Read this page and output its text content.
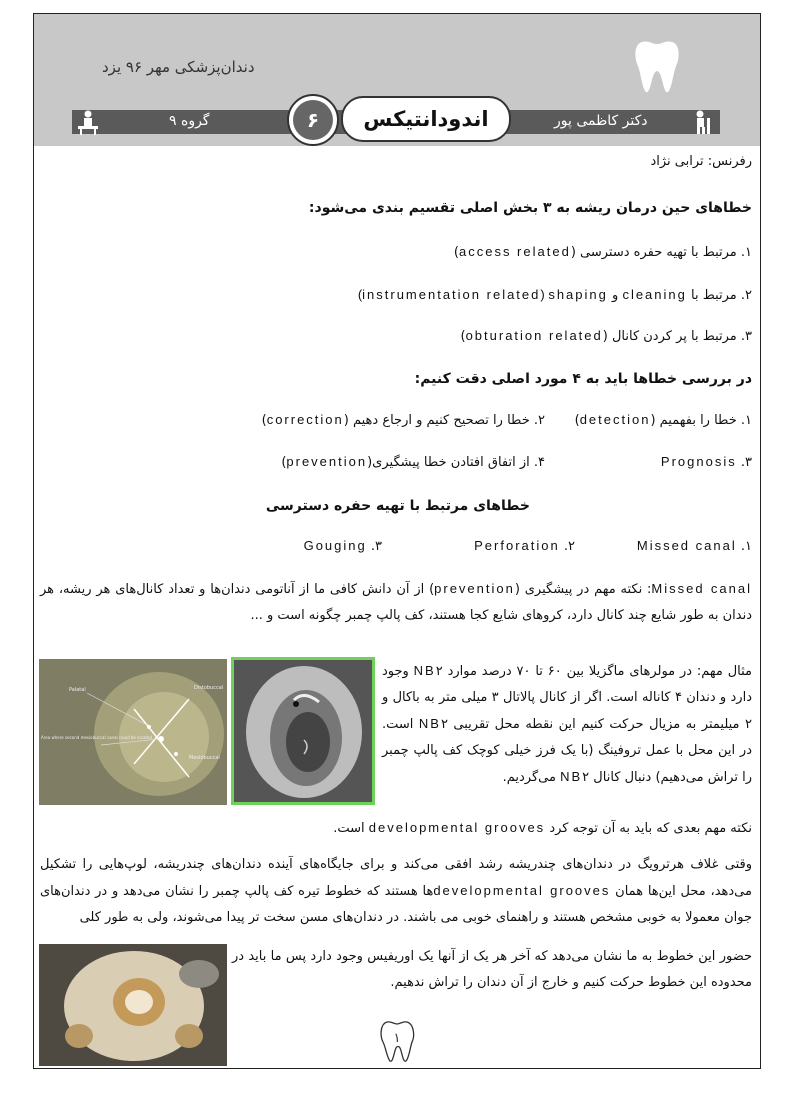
دندان‌پزشکی مهر ۹۶ یزد
دکتر کاظمی پور
گروه ۹	۶	اندودانتیکس
رفرنس: ترابی نژاد
خطاهای حین درمان ریشه به ۳ بخش اصلی تقسیم بندی می‌شود:
۱. مرتبط با تهیه حفره دسترسی (access related)
۲. مرتبط با cleaning و (instrumentation related) shaping
۳. مرتبط با پر کردن کانال (obturation related)
در بررسی خطاها باید به ۴ مورد اصلی دقت کنیم:
۱. خطا را بفهمیم (detection)
۲. خطا را تصحیح کنیم و ارجاع دهیم (correction)
۳. Prognosis
۴. از اتفاق افتادن خطا پیشگیری(prevention)
خطاهای مرتبط با تهیه حفره دسترسی
۱. Missed canal
۲. Perforation
۳. Gouging
Missed canal: نکته مهم در پیشگیری (prevention) از آن دانش کافی ما از آناتومی دندان‌ها و تعداد کانال‌های هر ریشه، هر دندان به طور شایع چند کانال دارد، کروهای شایع کجا هستند، کف پالپ چمبر چگونه است و ...
مثال مهم: در مولرهای ماگزیلا بین ۶۰ تا ۷۰ درصد موارد NB۲ وجود دارد و دندان ۴ کاناله است. اگر از کانال پالاتال ۳ میلی متر به باکال و ۲ میلیمتر به مزیال حرکت کنیم این نقطه محل تقریبی NB۲ است. در این محل با عمل تروفینگ (با یک فرز خیلی کوچک کف پالپ چمبر را تراش می‌دهیم) دنبال کانال NB۲ می‌گردیم.
نکته مهم بعدی که باید به آن توجه کرد developmental grooves است.
وقتی غلاف هرترویگ در دندان‌های چندریشه رشد افقی می‌کند و برای جایگاه‌های آینده دندان‌های چندریشه، لوپ‌هایی را تشکیل می‌دهد، محل این‌ها همان developmental groovesها هستند که خطوط تیره کف پالپ چمبر را نشان می‌دهد و در دندان‌های جوان معمولا به خوبی مشخص هستند و راهنمای خوبی می باشند. در دندان‌های مسن سخت تر پیدا می‌شوند، ولی به طور کلی
حضور این خطوط به ما نشان می‌دهد که آخر هر یک از آنها یک اوریفیس وجود دارد پس ما باید در محدوده این خطوط حرکت کنیم و خارج از آن دندان را تراش ندهیم.
Palatal	Distobuccal
Area where second mesiobuccal canal could be located
Mesiobuccal
۱
